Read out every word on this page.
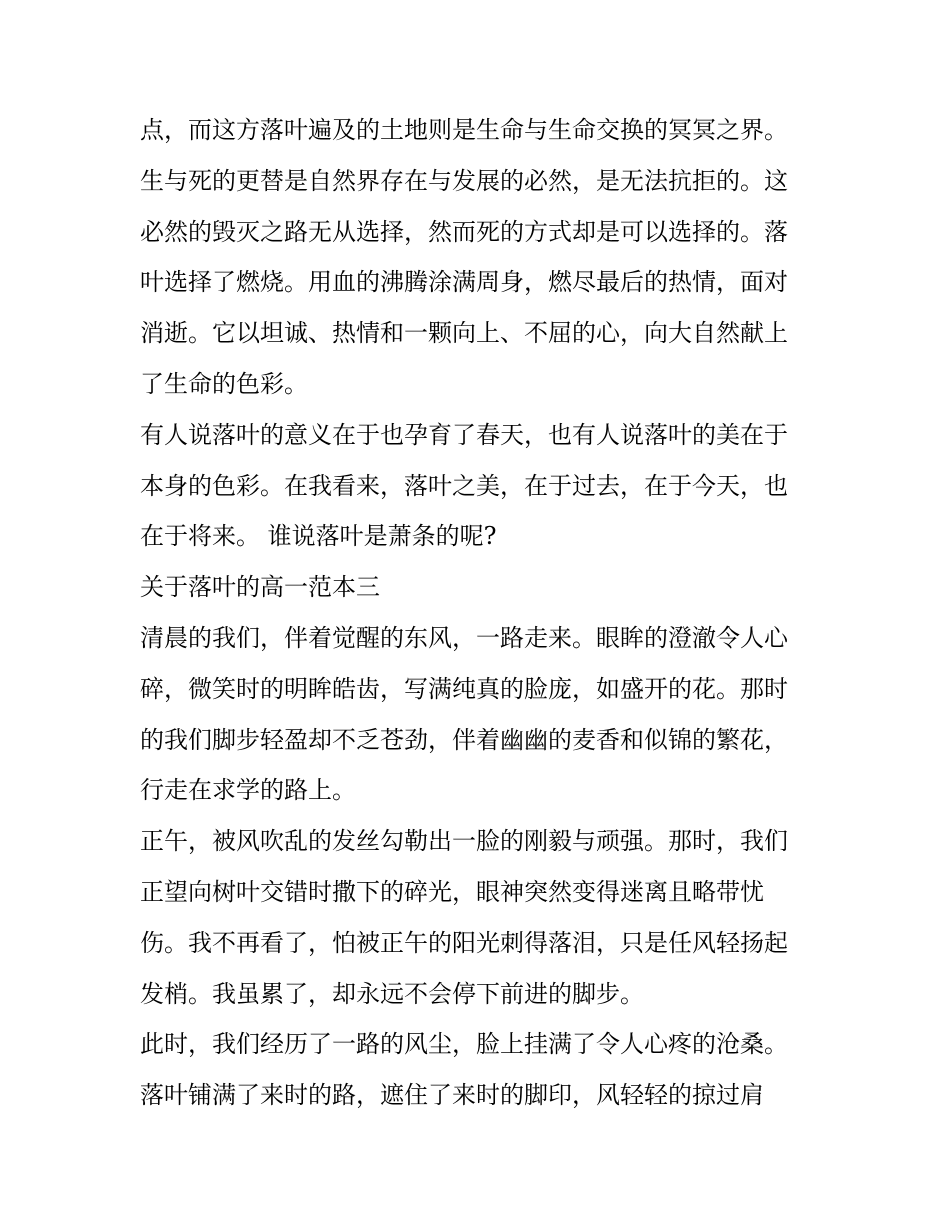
点，而这方落叶遍及的土地则是生命与生命交换的冥冥之界。
生与死的更替是自然界存在与发展的必然，是无法抗拒的。这
必然的毁灭之路无从选择，然而死的方式却是可以选择的。落
叶选择了燃烧。用血的沸腾涂满周身，燃尽最后的热情，面对
消逝。它以坦诚、热情和一颗向上、不屈的心，向大自然献上
了生命的色彩。
有人说落叶的意义在于也孕育了春天，也有人说落叶的美在于
本身的色彩。在我看来，落叶之美，在于过去，在于今天，也
在于将来。 谁说落叶是萧条的呢?
关于落叶的高一范本三
清晨的我们，伴着觉醒的东风，一路走来。眼眸的澄澈令人心
碎，微笑时的明眸皓齿，写满纯真的脸庞，如盛开的花。那时
的我们脚步轻盈却不乏苍劲，伴着幽幽的麦香和似锦的繁花，
行走在求学的路上。
正午，被风吹乱的发丝勾勒出一脸的刚毅与顽强。那时，我们
正望向树叶交错时撒下的碎光，眼神突然变得迷离且略带忧
伤。我不再看了，怕被正午的阳光刺得落泪，只是任风轻扬起
发梢。我虽累了，却永远不会停下前进的脚步。
此时，我们经历了一路的风尘，脸上挂满了令人心疼的沧桑。
落叶铺满了来时的路，遮住了来时的脚印，风轻轻的掠过肩
